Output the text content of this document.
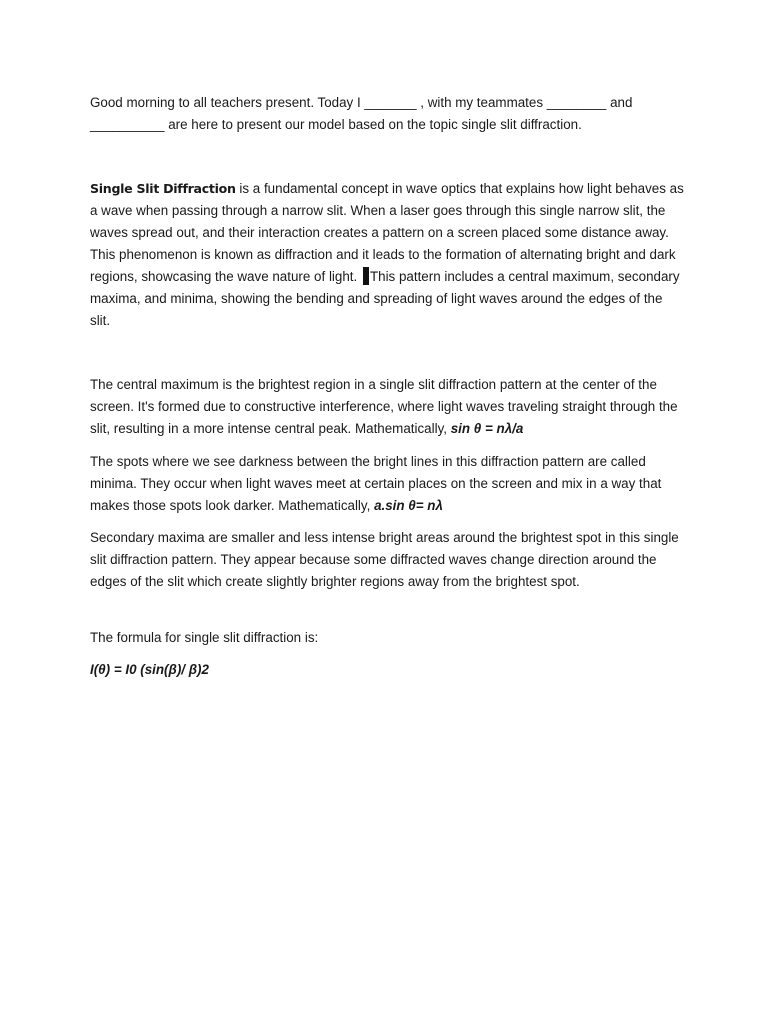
Good morning to all teachers present. Today I _______ , with my teammates ________ and __________ are here to present our model based on the topic single slit diffraction.

Single Slit Diffraction is a fundamental concept in wave optics that explains how light behaves as a wave when passing through a narrow slit. When a laser goes through this single narrow slit, the waves spread out, and their interaction creates a pattern on a screen placed some distance away. This phenomenon is known as diffraction and it leads to the formation of alternating bright and dark regions, showcasing the wave nature of light. This pattern includes a central maximum, secondary maxima, and minima, showing the bending and spreading of light waves around the edges of the slit.

The central maximum is the brightest region in a single slit diffraction pattern at the center of the screen. It's formed due to constructive interference, where light waves traveling straight through the slit, resulting in a more intense central peak. Mathematically, sin θ = nλ/a

The spots where we see darkness between the bright lines in this diffraction pattern are called minima. They occur when light waves meet at certain places on the screen and mix in a way that makes those spots look darker. Mathematically, a.sin θ= nλ

Secondary maxima are smaller and less intense bright areas around the brightest spot in this single slit diffraction pattern. They appear because some diffracted waves change direction around the edges of the slit which create slightly brighter regions away from the brightest spot.

The formula for single slit diffraction is:

I(θ) = I0 (sin(β)/ β)2
